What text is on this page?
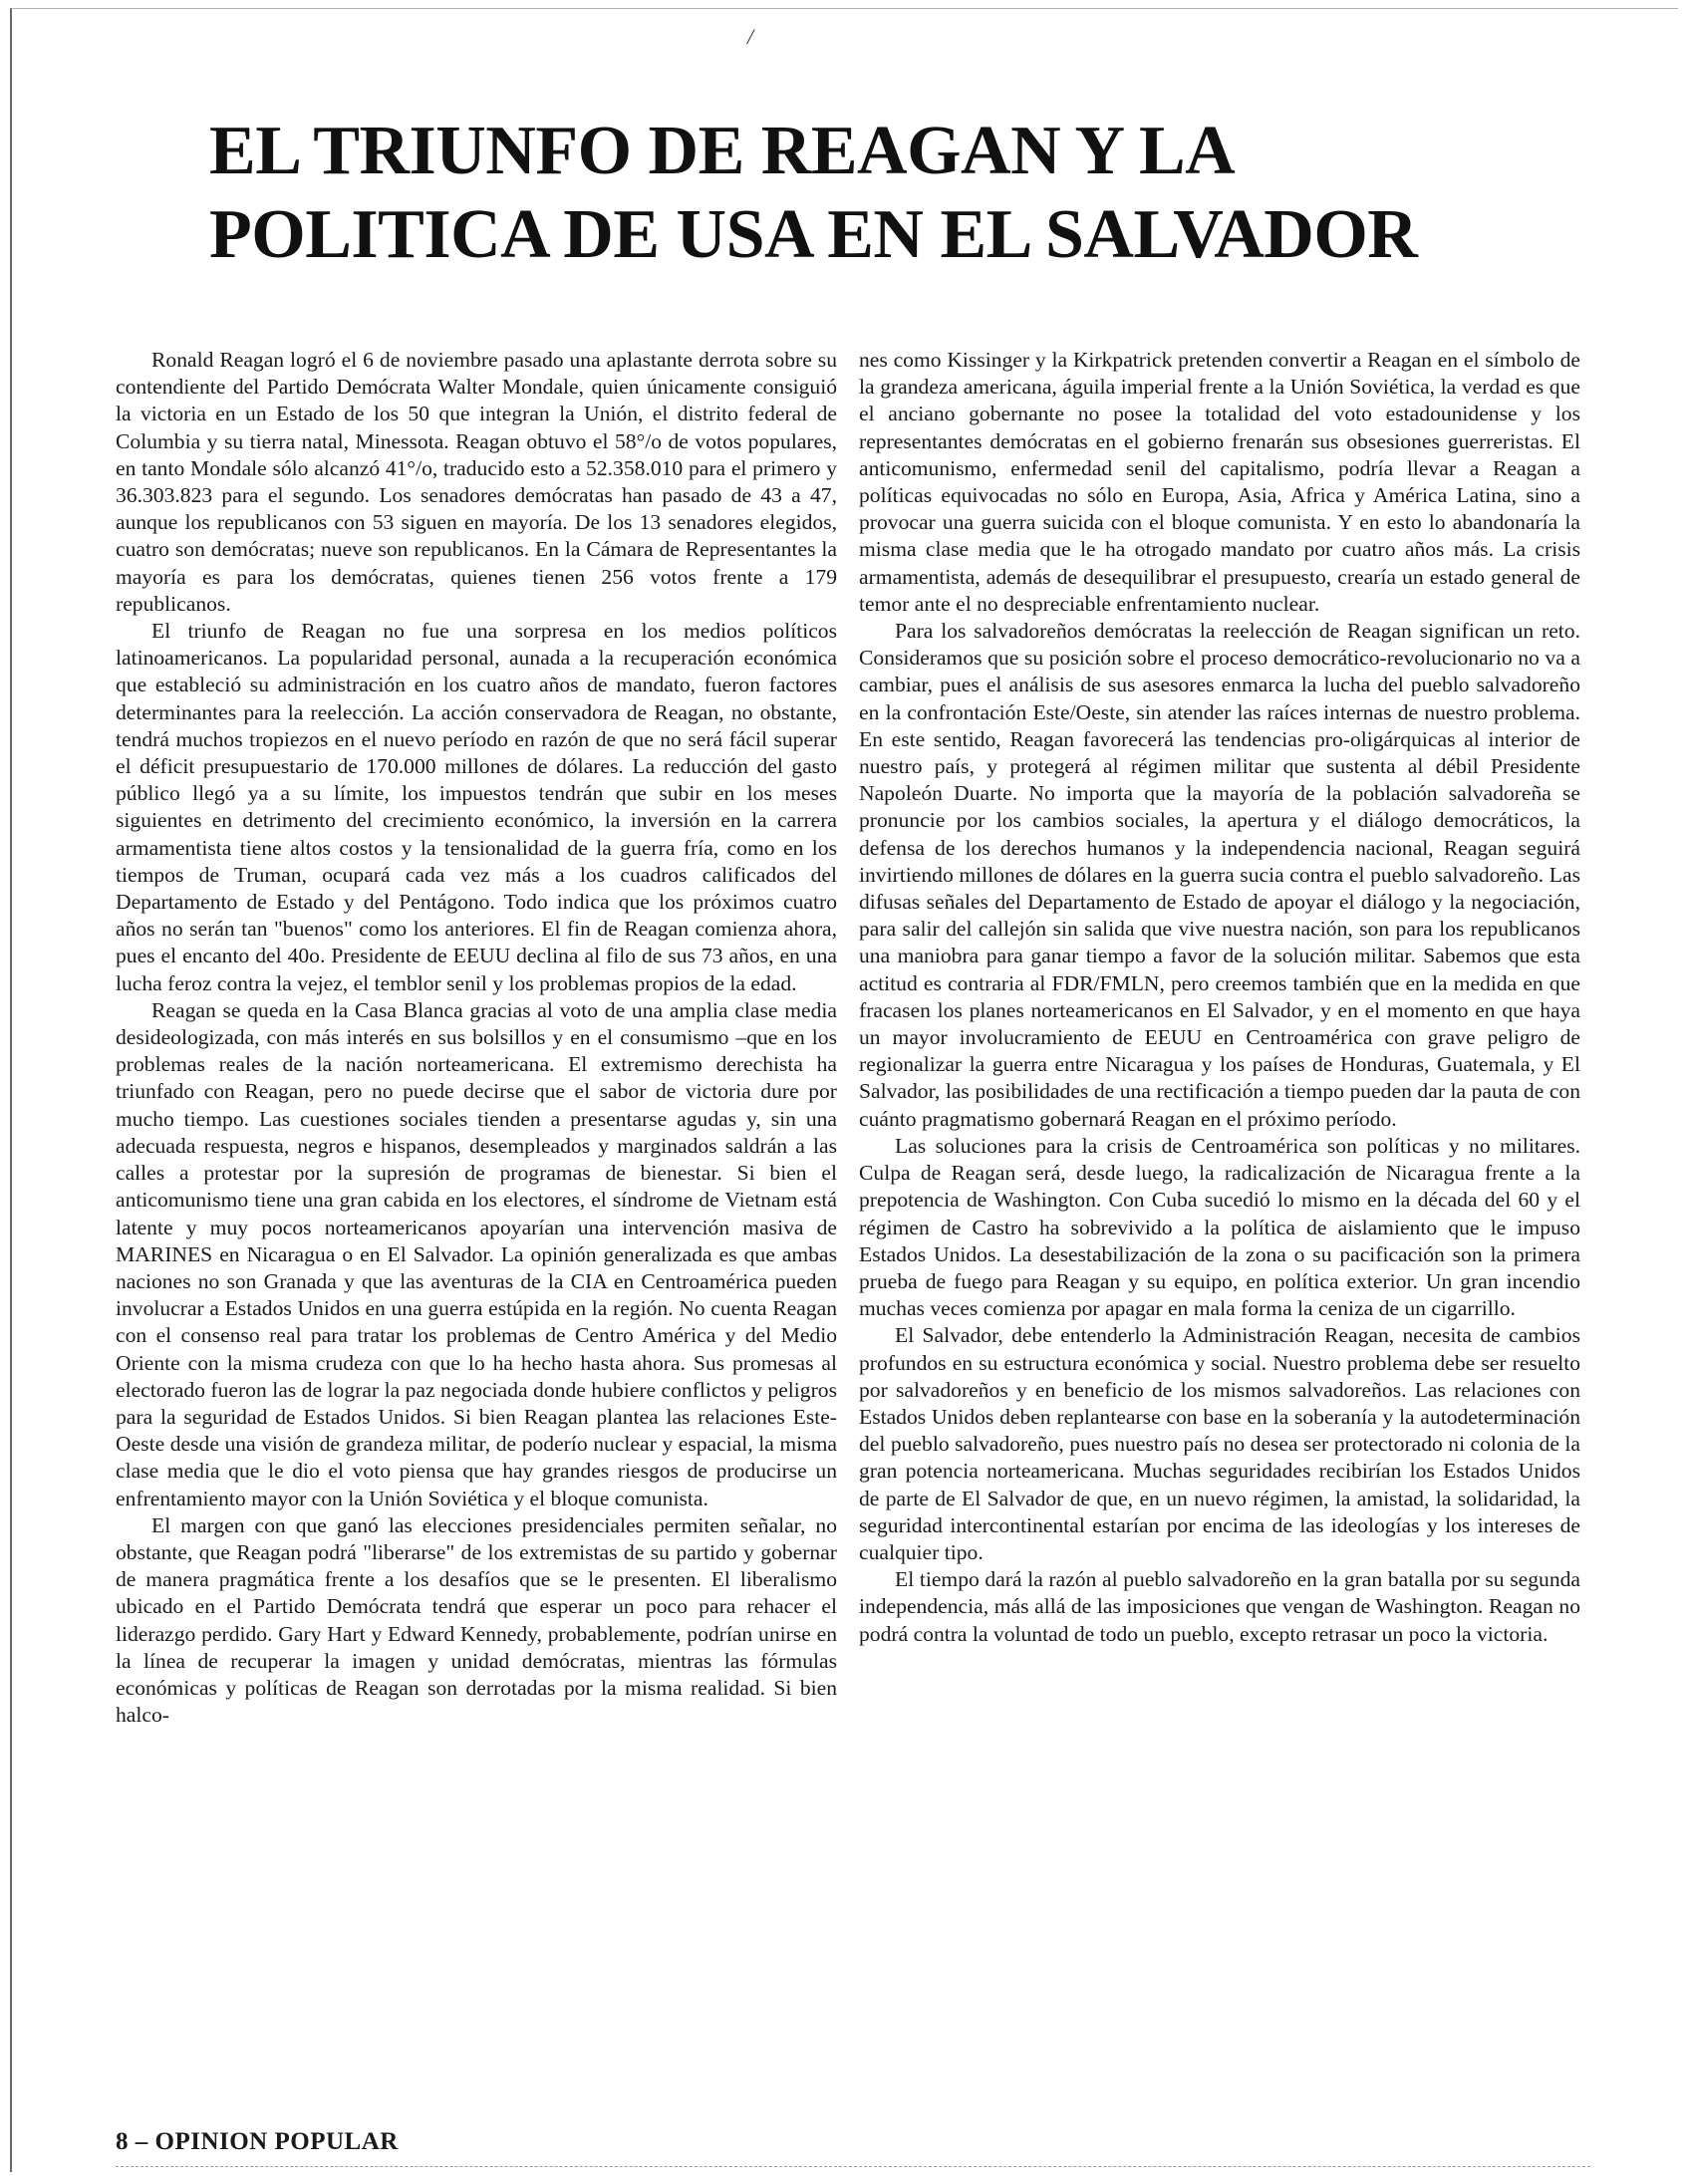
/
EL TRIUNFO DE REAGAN Y LA
POLITICA DE USA EN EL SALVADOR

Ronald Reagan logró el 6 de noviembre pasado una aplastante derrota sobre su contendiente del Partido Demócrata Walter Mondale, quien únicamente consiguió la victoria en un Estado de los 50 que integran la Unión, el distrito federal de Columbia y su tierra natal, Minessota. Reagan obtuvo el 58°/o de votos populares, en tanto Mondale sólo alcanzó 41°/o, traducido esto a 52.358.010 para el primero y 36.303.823 para el segundo. Los senadores demócratas han pasado de 43 a 47, aunque los republicanos con 53 siguen en mayoría. De los 13 senadores elegidos, cuatro son demócratas; nueve son republicanos. En la Cámara de Representantes la mayoría es para los demócratas, quienes tienen 256 votos frente a 179 republicanos.

El triunfo de Reagan no fue una sorpresa en los medios políticos latinoamericanos. La popularidad personal, aunada a la recuperación económica que estableció su administración en los cuatro años de mandato, fueron factores determinantes para la reelección. La acción conservadora de Reagan, no obstante, tendrá muchos tropiezos en el nuevo período en razón de que no será fácil superar el déficit presupuestario de 170.000 millones de dólares. La reducción del gasto público llegó ya a su límite, los impuestos tendrán que subir en los meses siguientes en detrimento del crecimiento económico, la inversión en la carrera armamentista tiene altos costos y la tensionalidad de la guerra fría, como en los tiempos de Truman, ocupará cada vez más a los cuadros calificados del Departamento de Estado y del Pentágono. Todo indica que los próximos cuatro años no serán tan "buenos" como los anteriores. El fin de Reagan comienza ahora, pues el encanto del 40o. Presidente de EEUU declina al filo de sus 73 años, en una lucha feroz contra la vejez, el temblor senil y los problemas propios de la edad.

Reagan se queda en la Casa Blanca gracias al voto de una amplia clase media desideologizada, con más interés en sus bolsillos y en el consumismo –que en los problemas reales de la nación norteamericana. El extremismo derechista ha triunfado con Reagan, pero no puede decirse que el sabor de victoria dure por mucho tiempo. Las cuestiones sociales tienden a presentarse agudas y, sin una adecuada respuesta, negros e hispanos, desempleados y marginados saldrán a las calles a protestar por la supresión de programas de bienestar. Si bien el anticomunismo tiene una gran cabida en los electores, el síndrome de Vietnam está latente y muy pocos norteamericanos apoyarían una intervención masiva de MARINES en Nicaragua o en El Salvador. La opinión generalizada es que ambas naciones no son Granada y que las aventuras de la CIA en Centroamérica pueden involucrar a Estados Unidos en una guerra estúpida en la región. No cuenta Reagan con el consenso real para tratar los problemas de Centro América y del Medio Oriente con la misma crudeza con que lo ha hecho hasta ahora. Sus promesas al electorado fueron las de lograr la paz negociada donde hubiere conflictos y peligros para la seguridad de Estados Unidos. Si bien Reagan plantea las relaciones Este-Oeste desde una visión de grandeza militar, de poderío nuclear y espacial, la misma clase media que le dio el voto piensa que hay grandes riesgos de producirse un enfrentamiento mayor con la Unión Soviética y el bloque comunista.

El margen con que ganó las elecciones presidenciales permiten señalar, no obstante, que Reagan podrá "liberarse" de los extremistas de su partido y gobernar de manera pragmática frente a los desafíos que se le presenten. El liberalismo ubicado en el Partido Demócrata tendrá que esperar un poco para rehacer el liderazgo perdido. Gary Hart y Edward Kennedy, probablemente, podrían unirse en la línea de recuperar la imagen y unidad demócratas, mientras las fórmulas económicas y políticas de Reagan son derrotadas por la misma realidad. Si bien halco-

nes como Kissinger y la Kirkpatrick pretenden convertir a Reagan en el símbolo de la grandeza americana, águila imperial frente a la Unión Soviética, la verdad es que el anciano gobernante no posee la totalidad del voto estadounidense y los representantes demócratas en el gobierno frenarán sus obsesiones guerreristas. El anticomunismo, enfermedad senil del capitalismo, podría llevar a Reagan a políticas equivocadas no sólo en Europa, Asia, Africa y América Latina, sino a provocar una guerra suicida con el bloque comunista. Y en esto lo abandonaría la misma clase media que le ha otrogado mandato por cuatro años más. La crisis armamentista, además de desequilibrar el presupuesto, crearía un estado general de temor ante el no despreciable enfrentamiento nuclear.

Para los salvadoreños demócratas la reelección de Reagan significan un reto. Consideramos que su posición sobre el proceso democrático-revolucionario no va a cambiar, pues el análisis de sus asesores enmarca la lucha del pueblo salvadoreño en la confrontación Este/Oeste, sin atender las raíces internas de nuestro problema. En este sentido, Reagan favorecerá las tendencias pro-oligárquicas al interior de nuestro país, y protegerá al régimen militar que sustenta al débil Presidente Napoleón Duarte. No importa que la mayoría de la población salvadoreña se pronuncie por los cambios sociales, la apertura y el diálogo democráticos, la defensa de los derechos humanos y la independencia nacional, Reagan seguirá invirtiendo millones de dólares en la guerra sucia contra el pueblo salvadoreño. Las difusas señales del Departamento de Estado de apoyar el diálogo y la negociación, para salir del callejón sin salida que vive nuestra nación, son para los republicanos una maniobra para ganar tiempo a favor de la solución militar. Sabemos que esta actitud es contraria al FDR/FMLN, pero creemos también que en la medida en que fracasen los planes norteamericanos en El Salvador, y en el momento en que haya un mayor involucramiento de EEUU en Centroamérica con grave peligro de regionalizar la guerra entre Nicaragua y los países de Honduras, Guatemala, y El Salvador, las posibilidades de una rectificación a tiempo pueden dar la pauta de con cuánto pragmatismo gobernará Reagan en el próximo período.

Las soluciones para la crisis de Centroamérica son políticas y no militares. Culpa de Reagan será, desde luego, la radicalización de Nicaragua frente a la prepotencia de Washington. Con Cuba sucedió lo mismo en la década del 60 y el régimen de Castro ha sobrevivido a la política de aislamiento que le impuso Estados Unidos. La desestabilización de la zona o su pacificación son la primera prueba de fuego para Reagan y su equipo, en política exterior. Un gran incendio muchas veces comienza por apagar en mala forma la ceniza de un cigarrillo.

El Salvador, debe entenderlo la Administración Reagan, necesita de cambios profundos en su estructura económica y social. Nuestro problema debe ser resuelto por salvadoreños y en beneficio de los mismos salvadoreños. Las relaciones con Estados Unidos deben replantearse con base en la soberanía y la autodeterminación del pueblo salvadoreño, pues nuestro país no desea ser protectorado ni colonia de la gran potencia norteamericana. Muchas seguridades recibirían los Estados Unidos de parte de El Salvador de que, en un nuevo régimen, la amistad, la solidaridad, la seguridad intercontinental estarían por encima de las ideologías y los intereses de cualquier tipo.

El tiempo dará la razón al pueblo salvadoreño en la gran batalla por su segunda independencia, más allá de las imposiciones que vengan de Washington. Reagan no podrá contra la voluntad de todo un pueblo, excepto retrasar un poco la victoria.

8 – OPINION POPULAR
